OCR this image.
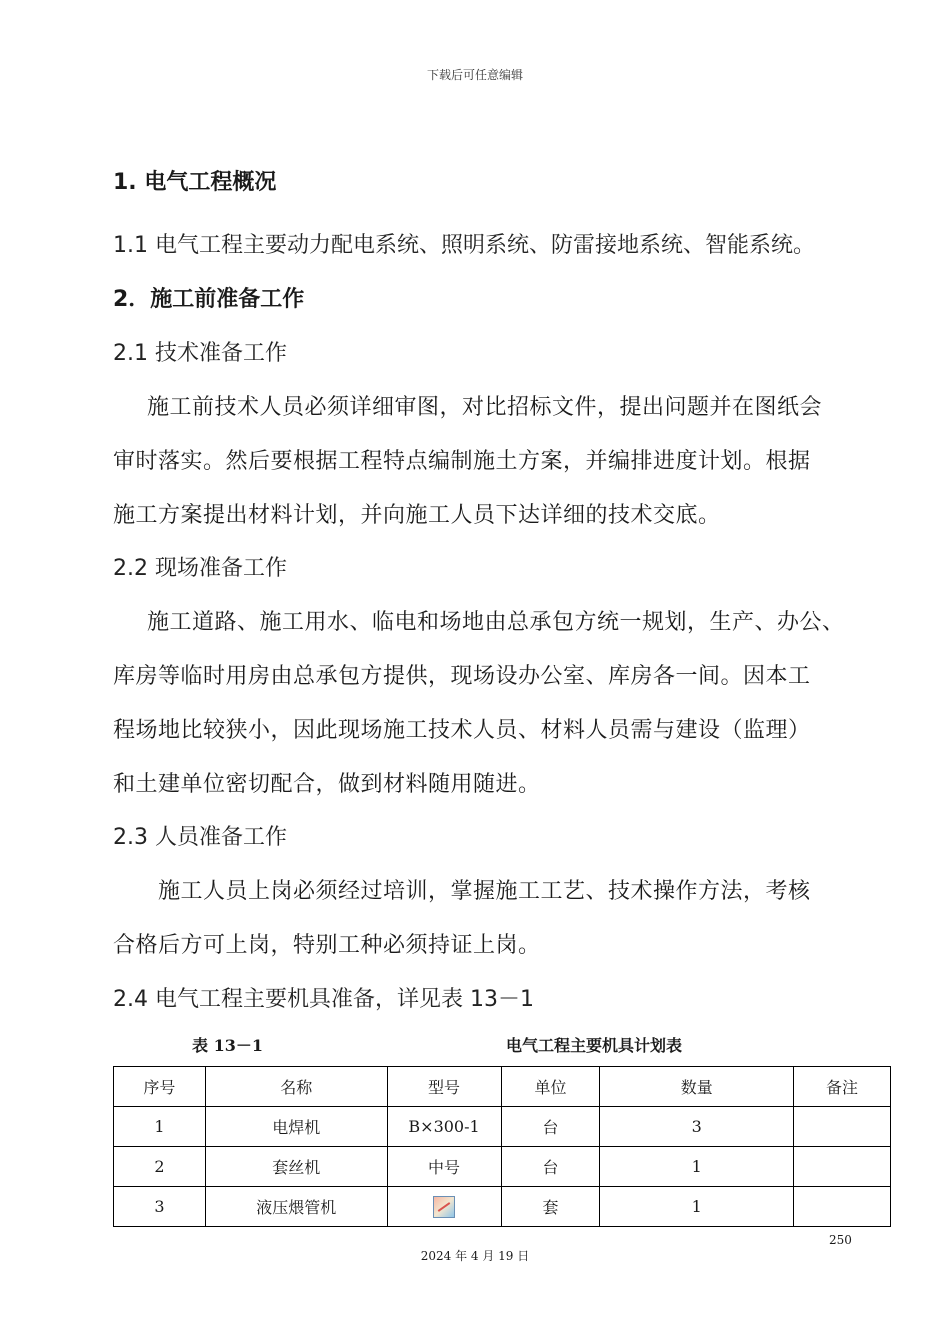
下载后可任意编辑
1. 电气工程概况
1.1 电气工程主要动力配电系统、照明系统、防雷接地系统、智能系统。
2．施工前准备工作
2.1 技术准备工作
施工前技术人员必须详细审图，对比招标文件，提出问题并在图纸会
审时落实。然后要根据工程特点编制施土方案，并编排进度计划。根据
施工方案提出材料计划，并向施工人员下达详细的技术交底。
2.2 现场准备工作
施工道路、施工用水、临电和场地由总承包方统一规划，生产、办公、
库房等临时用房由总承包方提供，现场设办公室、库房各一间。因本工
程场地比较狭小，因此现场施工技术人员、材料人员需与建设（监理）
和土建单位密切配合，做到材料随用随进。
2.3 人员准备工作
施工人员上岗必须经过培训，掌握施工工艺、技术操作方法，考核
合格后方可上岗，特别工种必须持证上岗。
2.4 电气工程主要机具准备，详见表 13－1
表 13－1	电气工程主要机具计划表
序号	名称	型号	单位	数量	备注
1	电焊机	B×300-1	台	3	
2	套丝机	中号	台	1	
3	液压煨管机		套	1	
250
2024 年 4 月 19 日
